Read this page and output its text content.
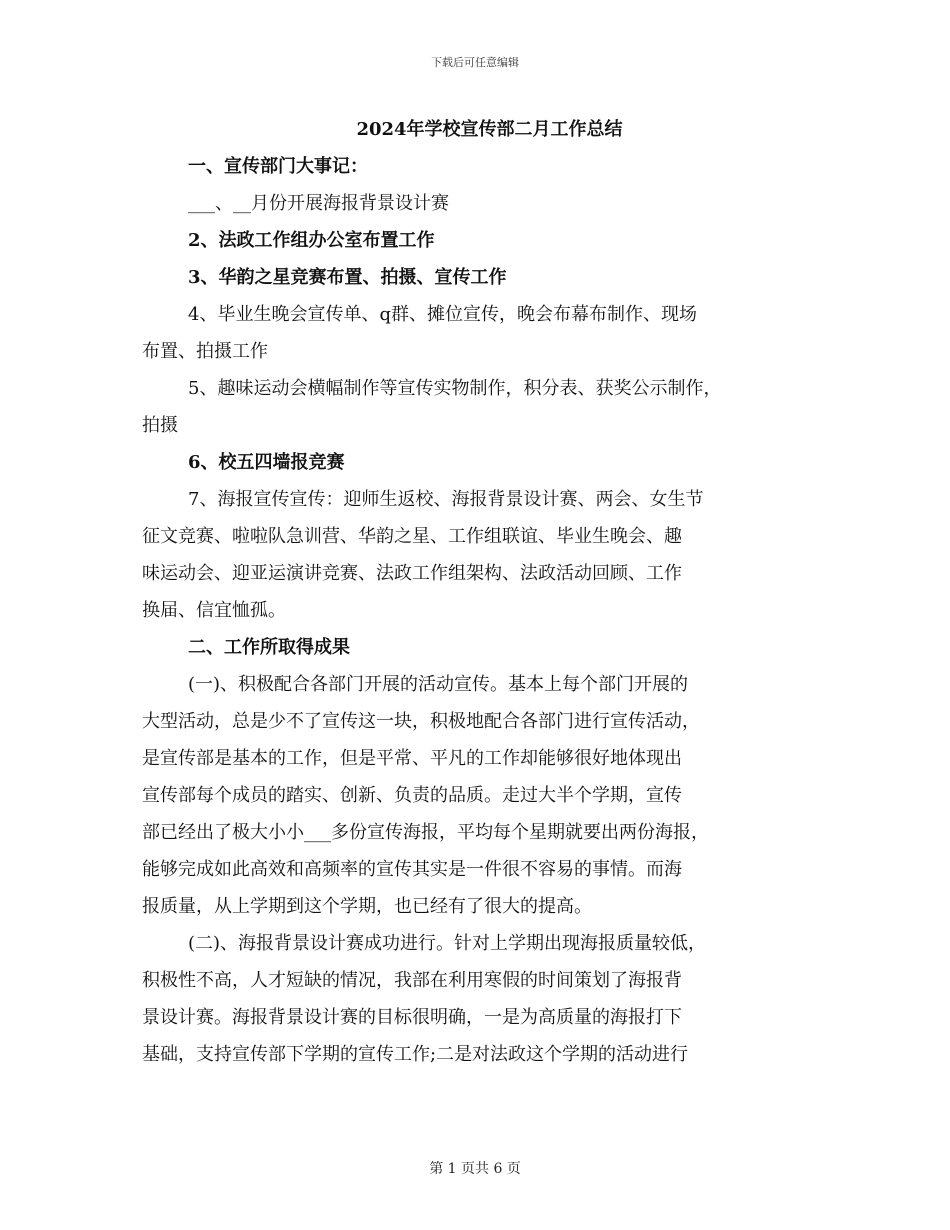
下载后可任意编辑
2024年学校宣传部二月工作总结
一、宣传部门大事记：
___、__月份开展海报背景设计赛
2、法政工作组办公室布置工作
3、华韵之星竞赛布置、拍摄、宣传工作
4、毕业生晚会宣传单、q群、摊位宣传，晚会布幕布制作、现场
布置、拍摄工作
5、趣味运动会横幅制作等宣传实物制作，积分表、获奖公示制作，
拍摄
6、校五四墙报竞赛
7、海报宣传宣传：迎师生返校、海报背景设计赛、两会、女生节
征文竞赛、啦啦队急训营、华韵之星、工作组联谊、毕业生晚会、趣
味运动会、迎亚运演讲竞赛、法政工作组架构、法政活动回顾、工作
换届、信宜恤孤。
二、工作所取得成果
(一)、积极配合各部门开展的活动宣传。基本上每个部门开展的
大型活动，总是少不了宣传这一块，积极地配合各部门进行宣传活动，
是宣传部是基本的工作，但是平常、平凡的工作却能够很好地体现出
宣传部每个成员的踏实、创新、负责的品质。走过大半个学期，宣传
部已经出了极大小小___多份宣传海报，平均每个星期就要出两份海报，
能够完成如此高效和高频率的宣传其实是一件很不容易的事情。而海
报质量，从上学期到这个学期，也已经有了很大的提高。
(二)、海报背景设计赛成功进行。针对上学期出现海报质量较低，
积极性不高，人才短缺的情况，我部在利用寒假的时间策划了海报背
景设计赛。海报背景设计赛的目标很明确，一是为高质量的海报打下
基础，支持宣传部下学期的宣传工作;二是对法政这个学期的活动进行
第 1 页共 6 页
